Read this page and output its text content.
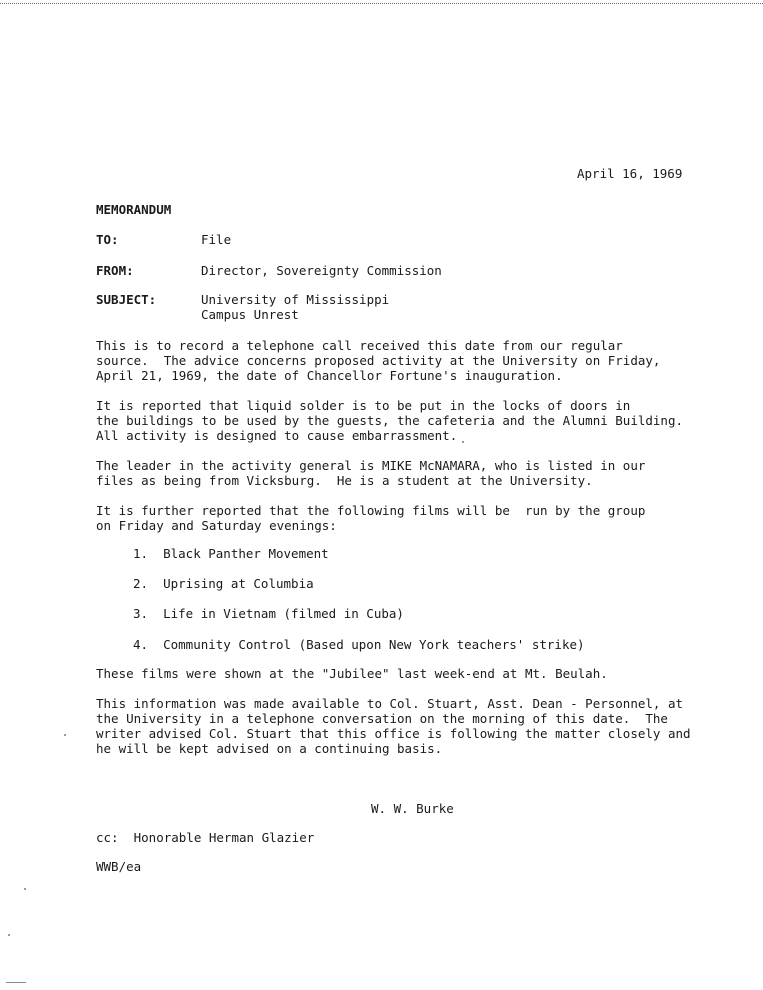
April 16, 1969
MEMORANDUM
TO:	File
FROM:	Director, Sovereignty Commission
SUBJECT:	University of Mississippi
Campus Unrest
This is to record a telephone call received this date from our regular
source.  The advice concerns proposed activity at the University on Friday,
April 21, 1969, the date of Chancellor Fortune's inauguration.
It is reported that liquid solder is to be put in the locks of doors in
the buildings to be used by the guests, the cafeteria and the Alumni Building.
All activity is designed to cause embarrassment.
The leader in the activity general is MIKE McNAMARA, who is listed in our
files as being from Vicksburg.  He is a student at the University.
It is further reported that the following films will be  run by the group
on Friday and Saturday evenings:
1.  Black Panther Movement
2.  Uprising at Columbia
3.  Life in Vietnam (filmed in Cuba)
4.  Community Control (Based upon New York teachers' strike)
These films were shown at the "Jubilee" last week-end at Mt. Beulah.
This information was made available to Col. Stuart, Asst. Dean - Personnel, at
the University in a telephone conversation on the morning of this date.  The
writer advised Col. Stuart that this office is following the matter closely and
he will be kept advised on a continuing basis.
W. W. Burke
cc:  Honorable Herman Glazier
WWB/ea
